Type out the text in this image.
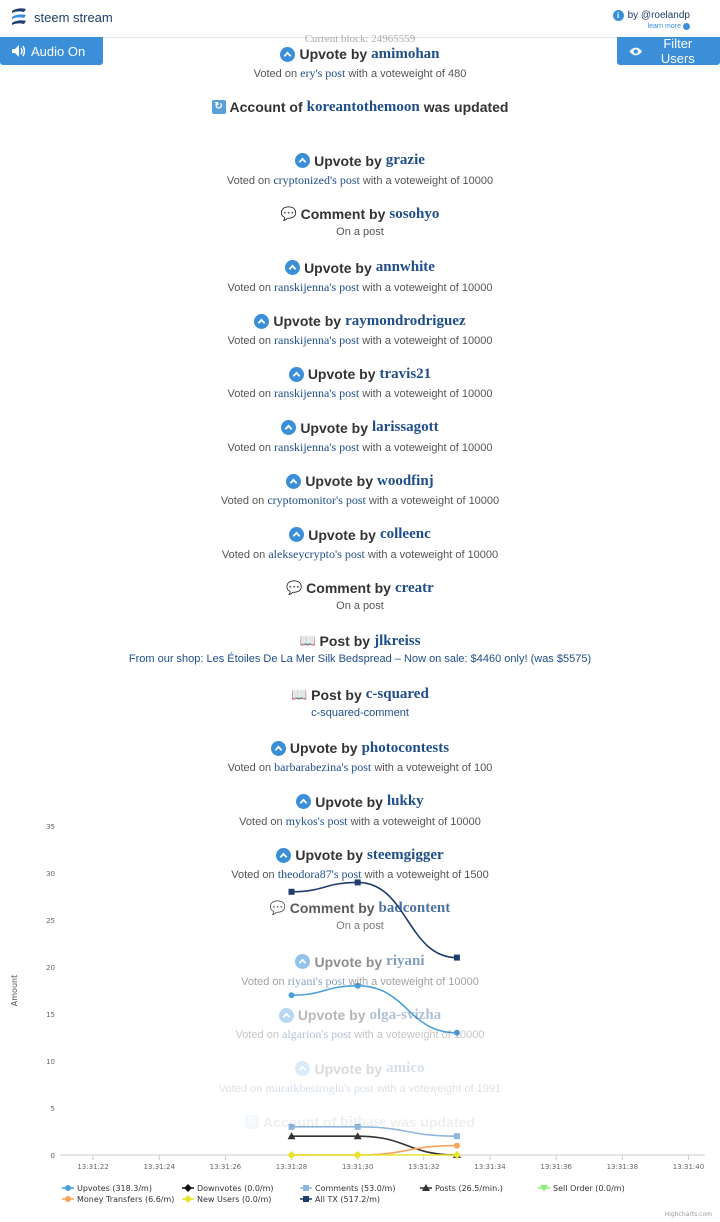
steem stream	i by @roelandp
learn more
Current block: 24965559
Audio On	Filter Users
0
5
10
15
20
25
30
35
Amount
13:31:22	13:31:24	13:31:26	13:31:28	13:31:30	13:31:32	13:31:34	13:31:36	13:31:38	13:31:40
Upvotes (318.3/m)	Downvotes (0.0/m)	Comments (53.0/m)	Posts (26.5/min.)	Sell Order (0.0/m)
Money Transfers (6.6/m)	New Users (0.0/m)	All TX (517.2/m)
Highcharts.com
Upvote by amimohan
Voted on ery's post with a voteweight of 480
↻ Account of koreantothemoon was updated
Upvote by grazie
Voted on cryptonized's post with a voteweight of 10000
💬 Comment by sosohyo
On a post
Upvote by annwhite
Voted on ranskijenna's post with a voteweight of 10000
Upvote by raymondrodriguez
Voted on ranskijenna's post with a voteweight of 10000
Upvote by travis21
Voted on ranskijenna's post with a voteweight of 10000
Upvote by larissagott
Voted on ranskijenna's post with a voteweight of 10000
Upvote by woodfinj
Voted on cryptomonitor's post with a voteweight of 10000
Upvote by colleenc
Voted on alekseycrypto's post with a voteweight of 10000
💬 Comment by creatr
On a post
📖 Post by jlkreiss
From our shop: Les Étoiles De La Mer Silk Bedspread – Now on sale: $4460 only! (was $5575)
📖 Post by c-squared
c-squared-comment
Upvote by photocontests
Voted on barbarabezina's post with a voteweight of 100
Upvote by lukky
Voted on mykos's post with a voteweight of 10000
Upvote by steemgigger
Voted on theodora87's post with a voteweight of 1500
💬 Comment by badcontent
On a post
Upvote by riyani
Voted on riyani's post with a voteweight of 10000
Upvote by olga-svizha
Voted on algarion's post with a voteweight of 10000
Upvote by amico
Voted on muratkbesiroglu's post with a voteweight of 1991
↻ Account of bitbase was updated
